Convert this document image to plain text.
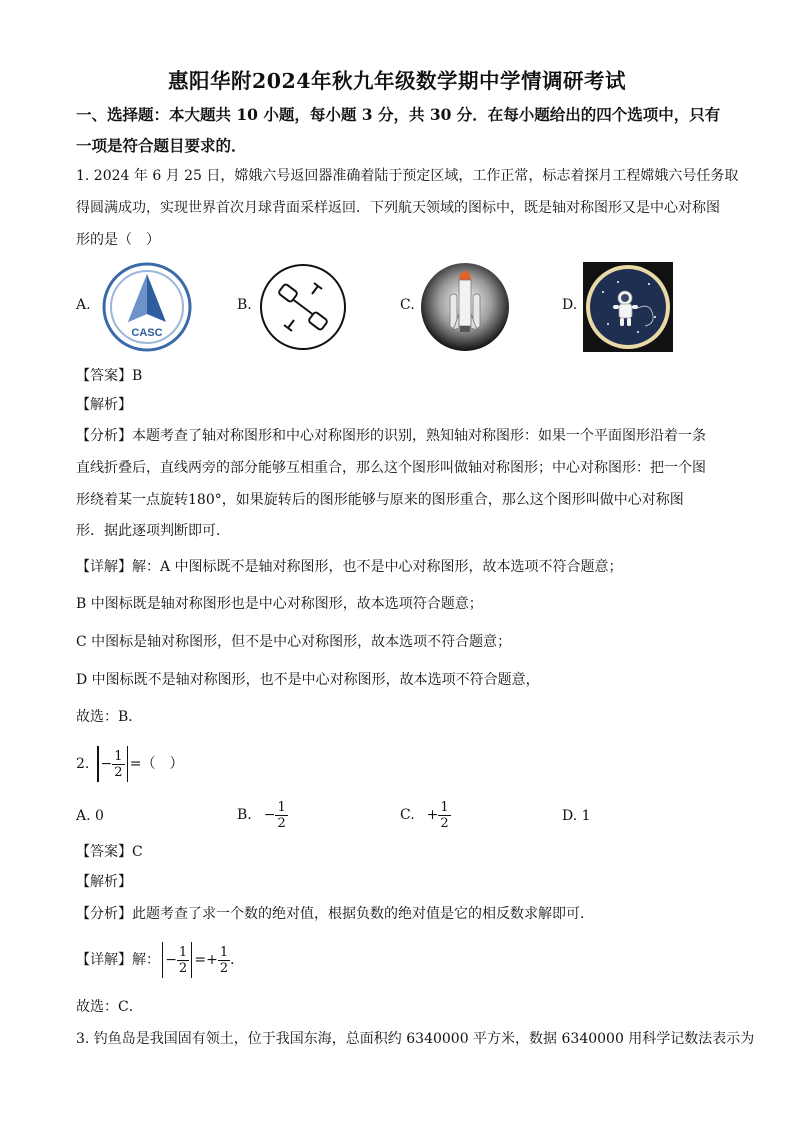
惠阳华附2024年秋九年级数学期中学情调研考试
一、选择题：本大题共 10 小题，每小题 3 分，共 30 分．在每小题给出的四个选项中，只有
一项是符合题目要求的．
1. 2024 年 6 月 25 日，嫦娥六号返回器准确着陆于预定区域，工作正常，标志着探月工程嫦娥六号任务取
得圆满成功，实现世界首次月球背面采样返回．下列航天领域的图标中，既是轴对称图形又是中心对称图
形的是（　）
A.
CASC
B.	C.	D.
【答案】B
【解析】
【分析】本题考查了轴对称图形和中心对称图形的识别，熟知轴对称图形：如果一个平面图形沿着一条
直线折叠后，直线两旁的部分能够互相重合，那么这个图形叫做轴对称图形；中心对称图形：把一个图
形绕着某一点旋转180°，如果旋转后的图形能够与原来的图形重合，那么这个图形叫做中心对称图
形．据此逐项判断即可．
【详解】解：A 中图标既不是轴对称图形，也不是中心对称图形，故本选项不符合题意；
B 中图标既是轴对称图形也是中心对称图形，故本选项符合题意；
C 中图标是轴对称图形，但不是中心对称图形，故本选项不符合题意；
D 中图标既不是轴对称图形，也不是中心对称图形，故本选项不符合题意，
故选：B．
2. − $\frac{1}{2}$ =（　）
A. 0	B. − $\frac{1}{2}$	C. + $\frac{1}{2}$	D. 1
【答案】C
【解析】
【分析】此题考查了求一个数的绝对值，根据负数的绝对值是它的相反数求解即可．
【详解】解： − $\frac{1}{2} =+ \frac{1}{2}$ ．
故选：C．
3. 钓鱼岛是我国固有领土，位于我国东海，总面积约 6340000 平方米，数据 6340000 用科学记数法表示为
